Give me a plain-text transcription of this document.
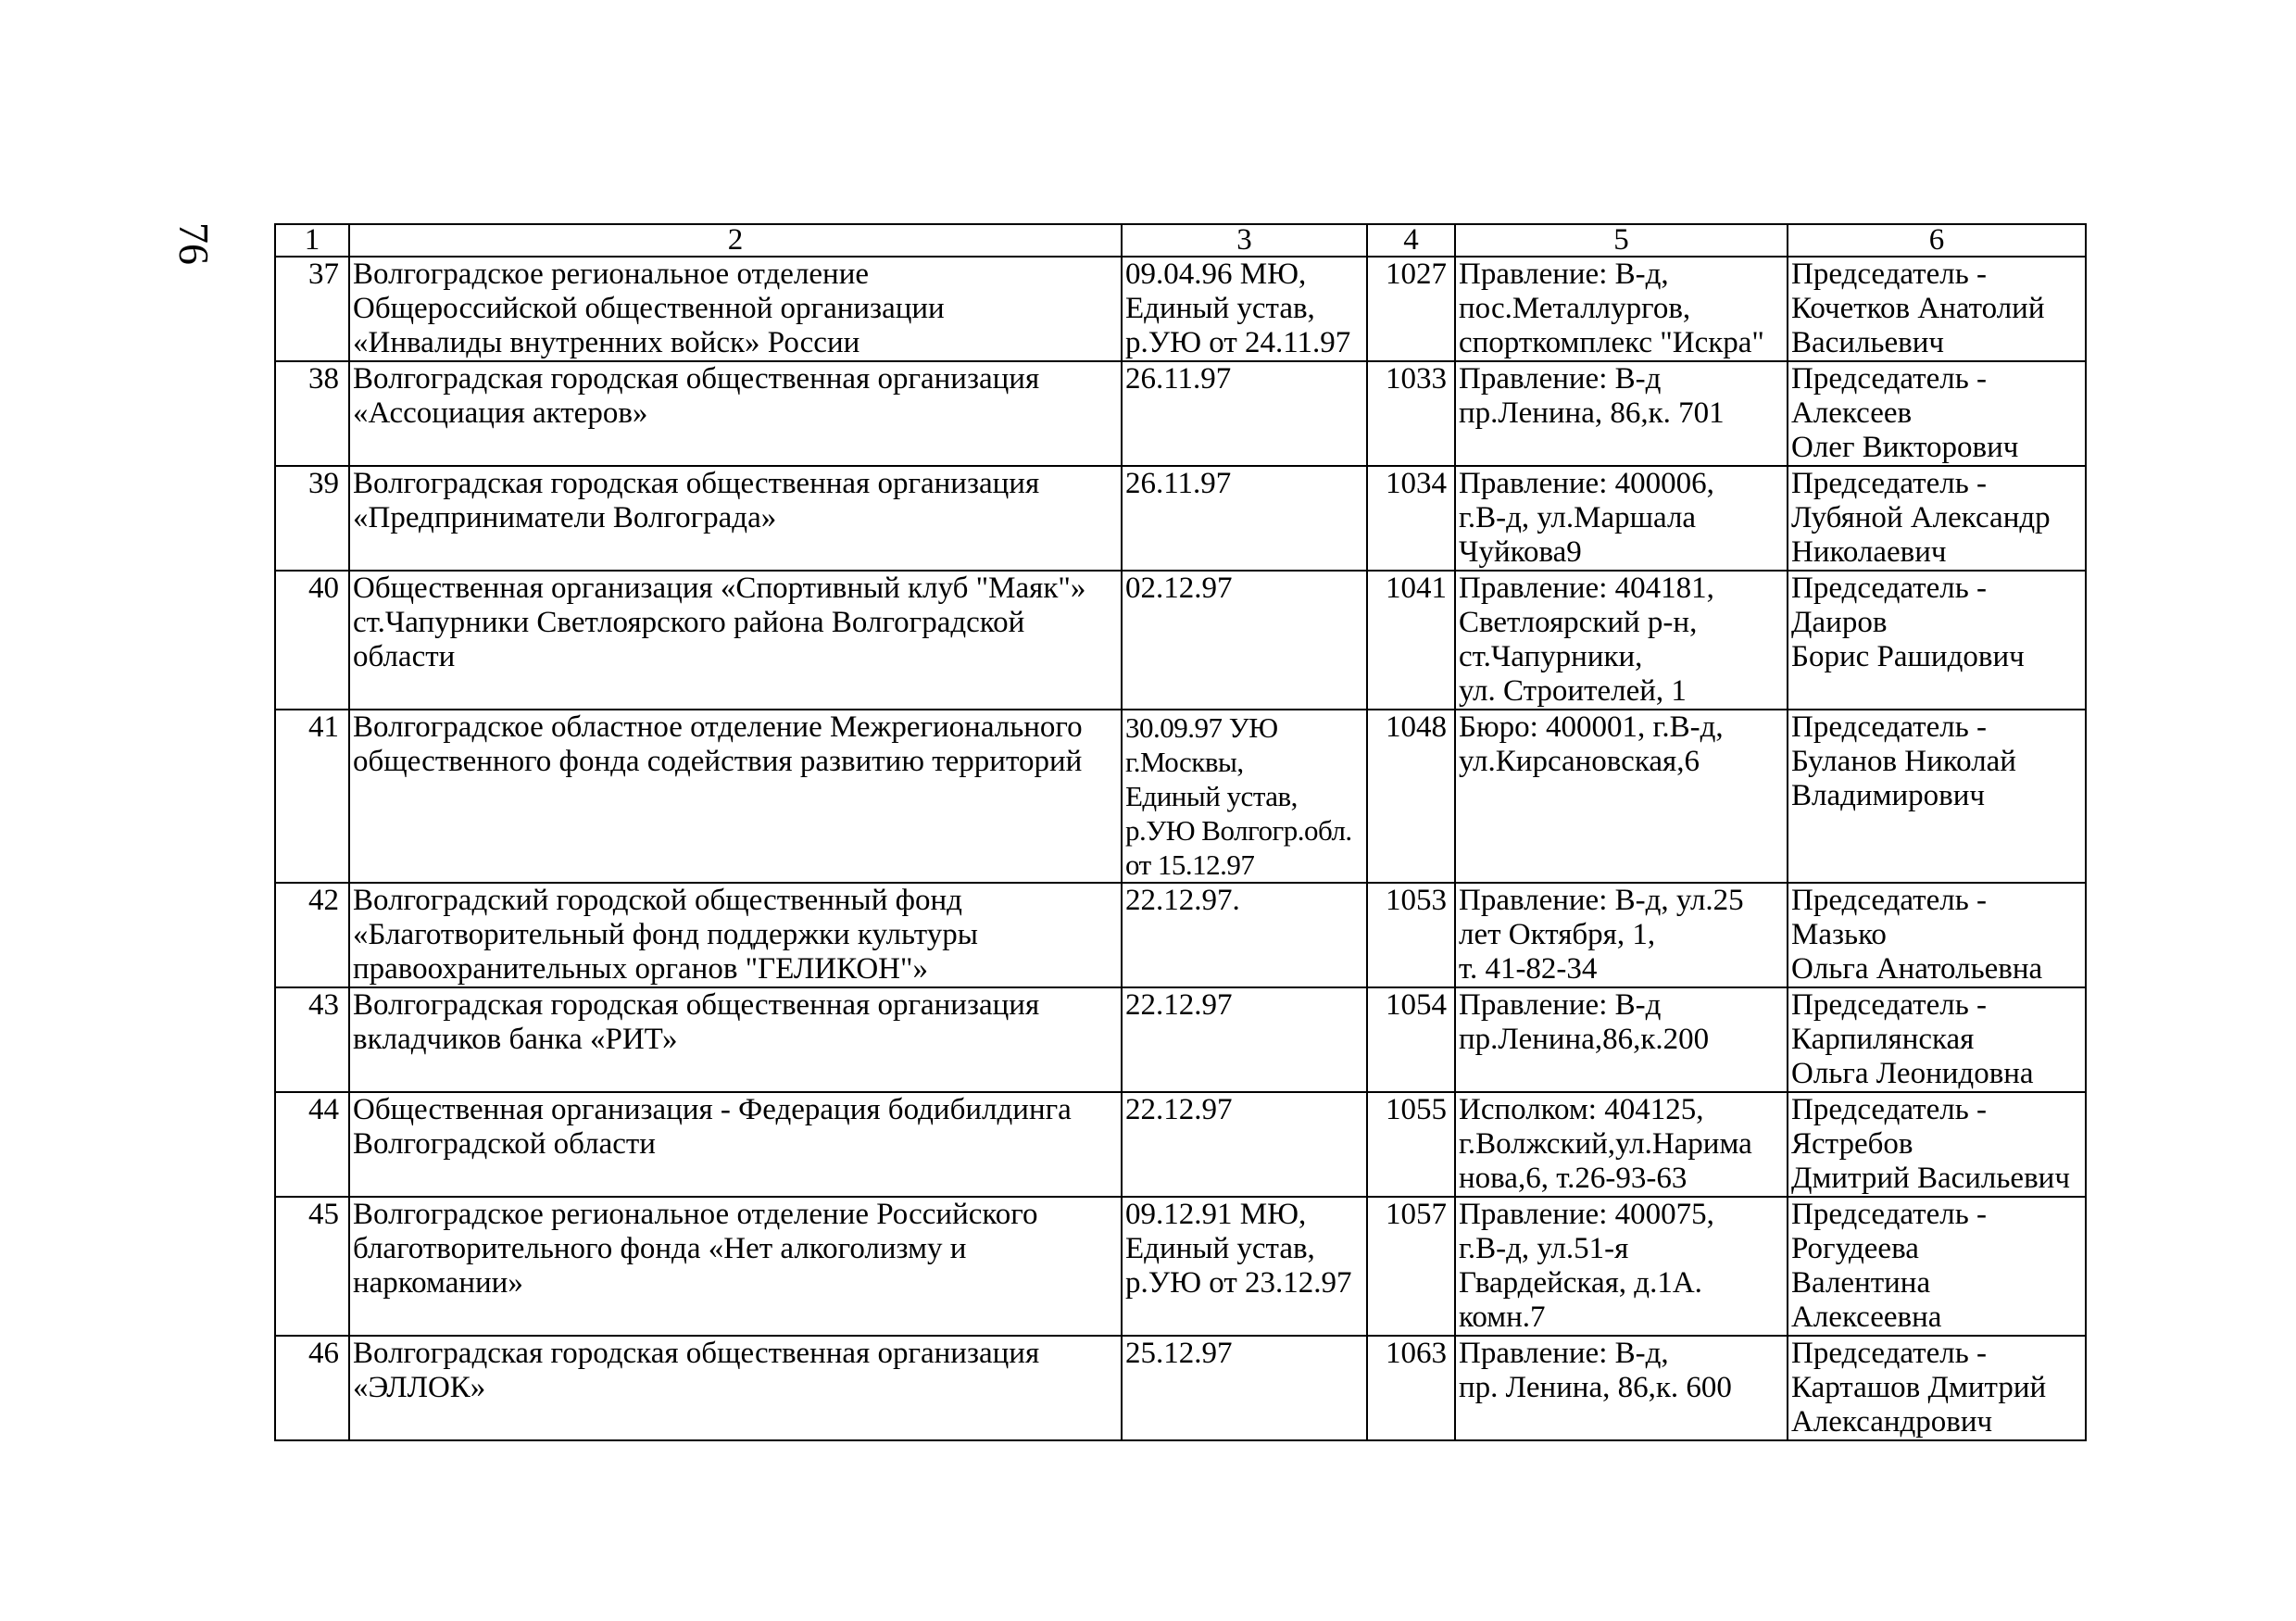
76	1	2	3	4	5	6
37	Волгоградское региональное отделение
Общероссийской общественной организации
«Инвалиды внутренних войск» России	09.04.96 МЮ,
Единый устав,
р.УЮ от 24.11.97	1027	Правление: В-д,
пос.Металлургов,
спорткомплекс "Искра"	Председатель -
Кочетков Анатолий
Васильевич
38	Волгоградская городская общественная организация
«Ассоциация актеров»	26.11.97	1033	Правление: В-д
пр.Ленина, 86,к. 701	Председатель -
Алексеев
Олег Викторович
39	Волгоградская городская общественная организация
«Предприниматели Волгограда»	26.11.97	1034	Правление: 400006,
г.В-д, ул.Маршала
Чуйкова9	Председатель -
Лубяной Александр
Николаевич
40	Общественная организация «Спортивный клуб "Маяк"»
ст.Чапурники Светлоярского района Волгоградской
области	02.12.97	1041	Правление: 404181,
Светлоярский р-н,
ст.Чапурники,
ул. Строителей, 1	Председатель -
Даиров
Борис Рашидович
41	Волгоградское областное отделение Межрегионального
общественного фонда содействия развитию территорий	30.09.97 УЮ
г.Москвы,
Единый устав,
р.УЮ Волгогр.обл.
от 15.12.97	1048	Бюро: 400001, г.В-д,
ул.Кирсановская,6	Председатель -
Буланов Николай
Владимирович
42	Волгоградский городской общественный фонд
«Благотворительный фонд поддержки культуры
правоохранительных органов "ГЕЛИКОН"»	22.12.97.	1053	Правление: В-д, ул.25
лет Октября, 1,
т. 41-82-34	Председатель -
Мазько
Ольга Анатольевна
43	Волгоградская городская общественная организация
вкладчиков банка «РИТ»	22.12.97	1054	Правление: В-д
пр.Ленина,86,к.200	Председатель -
Карпилянская
Ольга Леонидовна
44	Общественная организация - Федерация бодибилдинга
Волгоградской области	22.12.97	1055	Исполком: 404125,
г.Волжский,ул.Нарима
нова,6, т.26-93-63	Председатель -
Ястребов
Дмитрий Васильевич
45	Волгоградское региональное отделение Российского
благотворительного фонда «Нет алкоголизму и
наркомании»	09.12.91 МЮ,
Единый устав,
р.УЮ от 23.12.97	1057	Правление: 400075,
г.В-д, ул.51-я
Гвардейская, д.1А.
комн.7	Председатель -
Рогудеева
Валентина
Алексеевна
46	Волгоградская городская общественная организация
«ЭЛЛОК»	25.12.97	1063	Правление: В-д,
пр. Ленина, 86,к. 600	Председатель -
Карташов Дмитрий
Александрович
